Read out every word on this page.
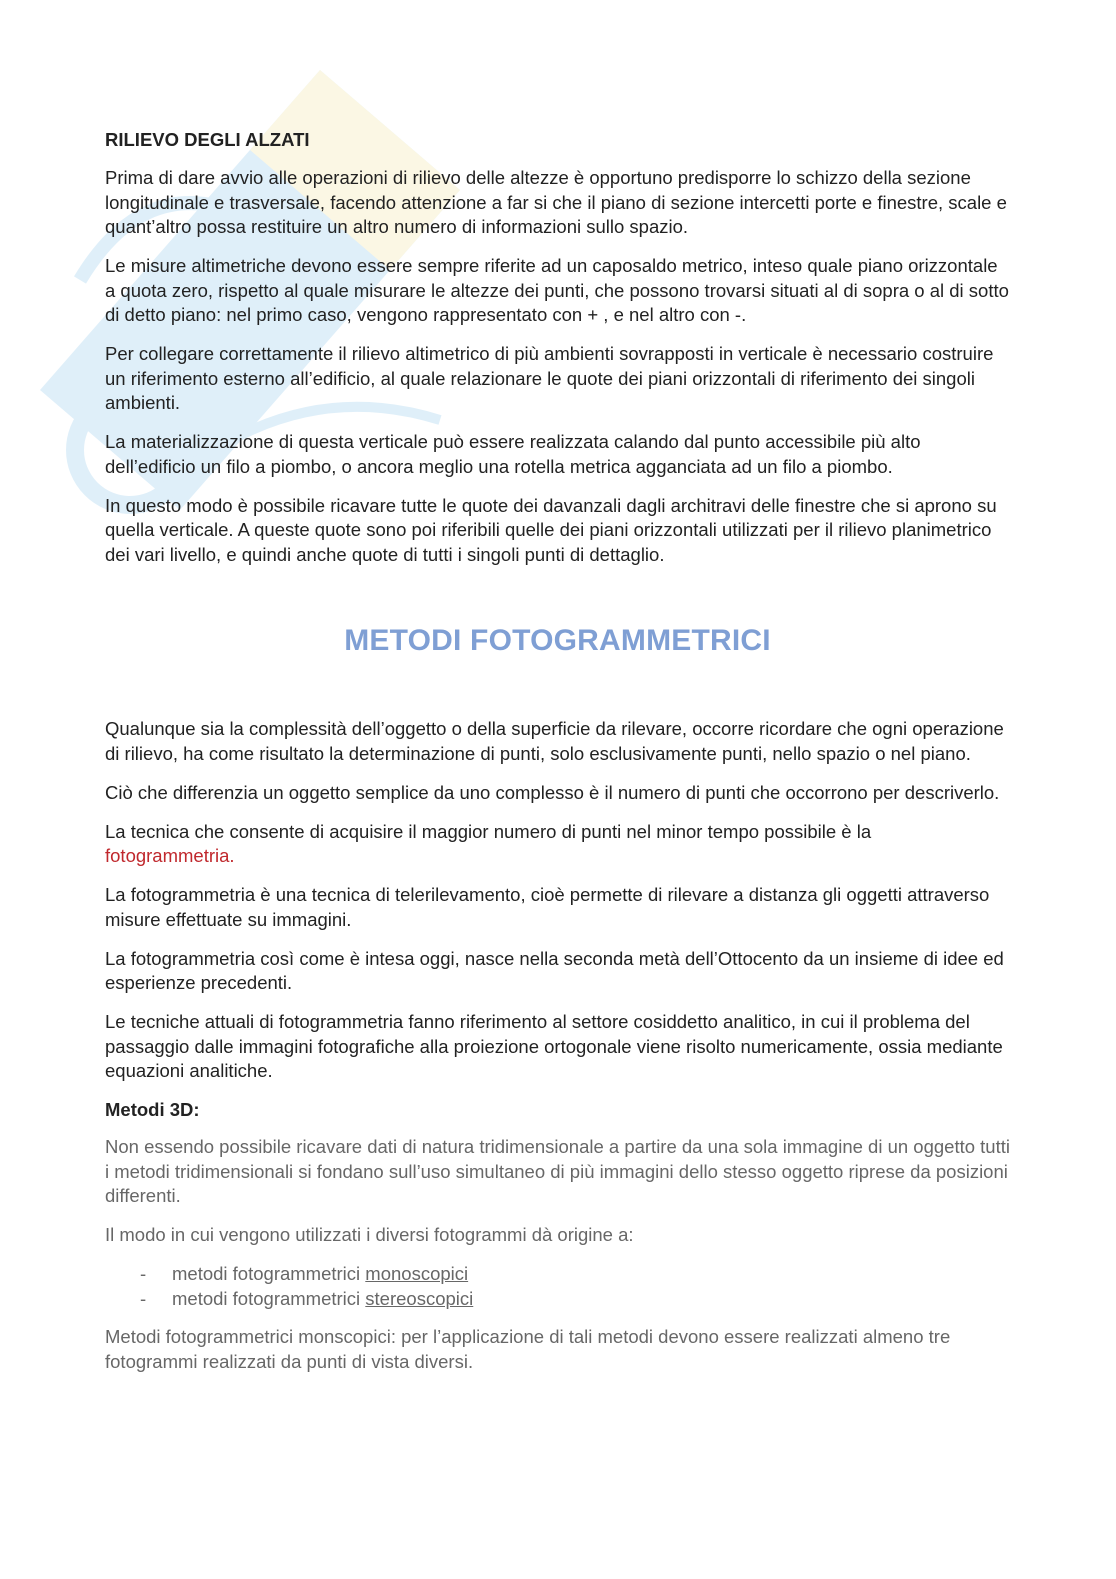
RILIEVO DEGLI ALZATI

Prima di dare avvio alle operazioni di rilievo delle altezze è opportuno predisporre lo schizzo della sezione longitudinale e trasversale, facendo attenzione a far si che il piano di sezione intercetti porte e finestre, scale e quant’altro possa restituire un altro numero di informazioni sullo spazio.

Le misure altimetriche devono essere sempre riferite ad un caposaldo metrico, inteso quale piano orizzontale a quota zero, rispetto al quale misurare le altezze dei punti, che possono trovarsi situati al di sopra o al di sotto di detto piano: nel primo caso, vengono rappresentato con + , e nel altro con -.

Per collegare correttamente il rilievo altimetrico di più ambienti sovrapposti in verticale è necessario costruire un riferimento esterno all’edificio, al quale relazionare le quote dei piani orizzontali di riferimento dei singoli ambienti.

La materializzazione di questa verticale può essere realizzata calando dal punto accessibile più alto dell’edificio un filo a piombo, o ancora meglio una rotella metrica agganciata ad un filo a piombo.

In questo modo è possibile ricavare tutte le quote dei davanzali dagli architravi delle finestre che si aprono su quella verticale. A queste quote sono poi riferibili quelle dei piani orizzontali utilizzati per il rilievo planimetrico dei vari livello, e quindi anche quote di tutti i singoli punti di dettaglio.

METODI FOTOGRAMMETRICI

Qualunque sia la complessità dell’oggetto o della superficie da rilevare, occorre ricordare che ogni operazione di rilievo, ha come risultato la determinazione di punti, solo esclusivamente punti, nello spazio o nel piano.

Ciò che differenzia un oggetto semplice da uno complesso è il numero di punti che occorrono per descriverlo.

La tecnica che consente di acquisire il maggior numero di punti nel minor tempo possibile è la
fotogrammetria.

La fotogrammetria è una tecnica di telerilevamento, cioè permette di rilevare a distanza gli oggetti attraverso misure effettuate su immagini.

La fotogrammetria così come è intesa oggi, nasce nella seconda metà dell’Ottocento da un insieme di idee ed esperienze precedenti.

Le tecniche attuali di fotogrammetria fanno riferimento al settore cosiddetto analitico, in cui il problema del passaggio dalle immagini fotografiche alla proiezione ortogonale viene risolto numericamente, ossia mediante equazioni analitiche.

Metodi 3D:

Non essendo possibile ricavare dati di natura tridimensionale a partire da una sola immagine di un oggetto tutti i metodi tridimensionali si fondano sull’uso simultaneo di più immagini dello stesso oggetto riprese da posizioni differenti.

Il modo in cui vengono utilizzati i diversi fotogrammi dà origine a:

- metodi fotogrammetrici monoscopici
- metodi fotogrammetrici stereoscopici

Metodi fotogrammetrici monscopici: per l’applicazione di tali metodi devono essere realizzati almeno tre fotogrammi realizzati da punti di vista diversi.
